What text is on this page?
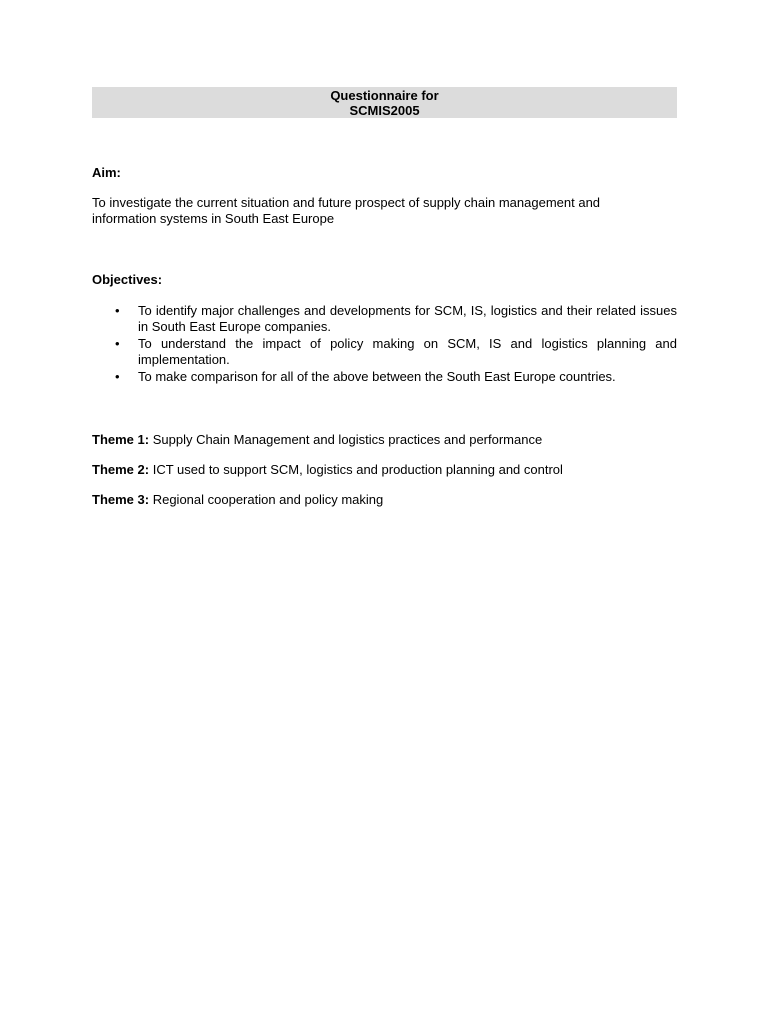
Questionnaire for
SCMIS2005
Aim:
To investigate the current situation and future prospect of supply chain management and information systems in South East Europe
Objectives:
• To identify major challenges and developments for SCM, IS, logistics and their related issues in South East Europe companies.
• To understand the impact of policy making on SCM, IS and logistics planning and implementation.
• To make comparison for all of the above between the South East Europe countries.
Theme 1: Supply Chain Management and logistics practices and performance
Theme 2: ICT used to support SCM, logistics and production planning and control
Theme 3: Regional cooperation and policy making
